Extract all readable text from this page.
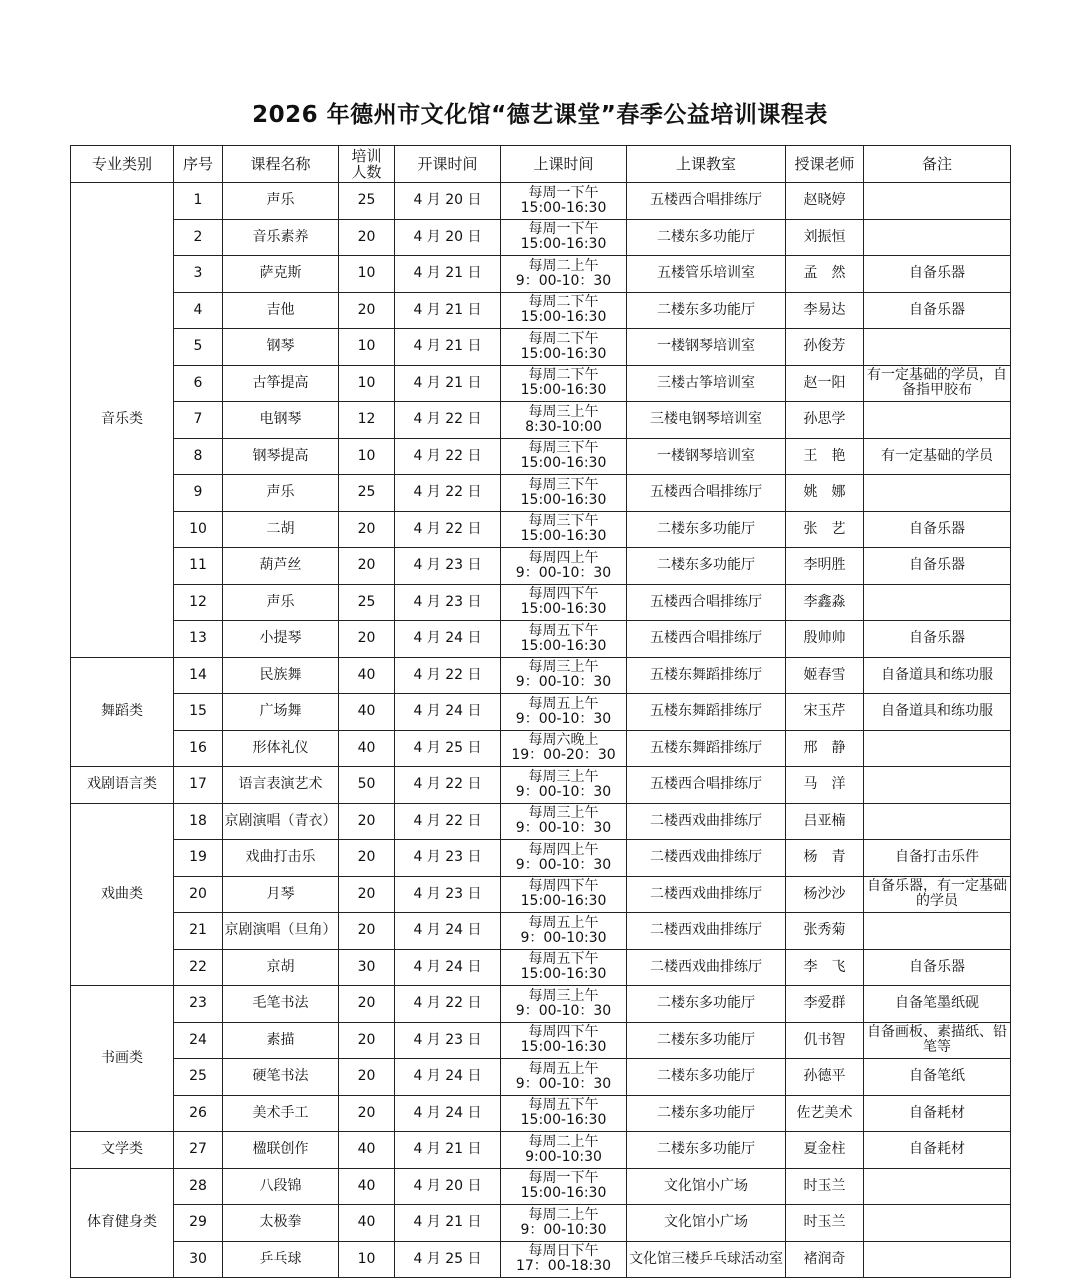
2026 年德州市文化馆“德艺课堂”春季公益培训课程表
专业类别	序号	课程名称	培训
人数	开课时间	上课时间	上课教室	授课老师	备注
音乐类	1	声乐	25	4 月 20 日	每周一下午
15:00-16:30	五楼西合唱排练厅	赵晓婷	
	2	音乐素养	20	4 月 20 日	每周一下午
15:00-16:30	二楼东多功能厅	刘振恒	
	3	萨克斯	10	4 月 21 日	每周二上午
9：00-10：30	五楼管乐培训室	孟　然	自备乐器
	4	吉他	20	4 月 21 日	每周二下午
15:00-16:30	二楼东多功能厅	李易达	自备乐器
	5	钢琴	10	4 月 21 日	每周二下午
15:00-16:30	一楼钢琴培训室	孙俊芳	
	6	古筝提高	10	4 月 21 日	每周二下午
15:00-16:30	三楼古筝培训室	赵一阳	有一定基础的学员，自备指甲胶布
	7	电钢琴	12	4 月 22 日	每周三上午
8:30-10:00	三楼电钢琴培训室	孙思学	
	8	钢琴提高	10	4 月 22 日	每周三下午
15:00-16:30	一楼钢琴培训室	王　艳	有一定基础的学员
	9	声乐	25	4 月 22 日	每周三下午
15:00-16:30	五楼西合唱排练厅	姚　娜	
	10	二胡	20	4 月 22 日	每周三下午
15:00-16:30	二楼东多功能厅	张　艺	自备乐器
	11	葫芦丝	20	4 月 23 日	每周四上午
9：00-10：30	二楼东多功能厅	李明胜	自备乐器
	12	声乐	25	4 月 23 日	每周四下午
15:00-16:30	五楼西合唱排练厅	李鑫淼	
	13	小提琴	20	4 月 24 日	每周五下午
15:00-16:30	五楼西合唱排练厅	殷帅帅	自备乐器
舞蹈类	14	民族舞	40	4 月 22 日	每周三上午
9：00-10：30	五楼东舞蹈排练厅	姬春雪	自备道具和练功服
	15	广场舞	40	4 月 24 日	每周五上午
9：00-10：30	五楼东舞蹈排练厅	宋玉芹	自备道具和练功服
	16	形体礼仪	40	4 月 25 日	每周六晚上
19：00-20：30	五楼东舞蹈排练厅	邢　静	
戏剧语言类	17	语言表演艺术	50	4 月 22 日	每周三上午
9：00-10：30	五楼西合唱排练厅	马　洋	
戏曲类	18	京剧演唱（青衣）	20	4 月 22 日	每周三上午
9：00-10：30	二楼西戏曲排练厅	吕亚楠	
	19	戏曲打击乐	20	4 月 23 日	每周四上午
9：00-10：30	二楼西戏曲排练厅	杨　青	自备打击乐件
	20	月琴	20	4 月 23 日	每周四下午
15:00-16:30	二楼西戏曲排练厅	杨沙沙	自备乐器，有一定基础的学员
	21	京剧演唱（旦角）	20	4 月 24 日	每周五上午
9：00-10:30	二楼西戏曲排练厅	张秀菊	
	22	京胡	30	4 月 24 日	每周五下午
15:00-16:30	二楼西戏曲排练厅	李　飞	自备乐器
书画类	23	毛笔书法	20	4 月 22 日	每周三上午
9：00-10：30	二楼东多功能厅	李爱群	自备笔墨纸砚
	24	素描	20	4 月 23 日	每周四下午
15:00-16:30	二楼东多功能厅	仉书智	自备画板、素描纸、铅笔等
	25	硬笔书法	20	4 月 24 日	每周五上午
9：00-10：30	二楼东多功能厅	孙德平	自备笔纸
	26	美术手工	20	4 月 24 日	每周五下午
15:00-16:30	二楼东多功能厅	佐艺美术	自备耗材
文学类	27	楹联创作	40	4 月 21 日	每周二上午
9:00-10:30	二楼东多功能厅	夏金柱	自备耗材
体育健身类	28	八段锦	40	4 月 20 日	每周一下午
15:00-16:30	文化馆小广场	时玉兰	
	29	太极拳	40	4 月 21 日	每周二上午
9：00-10:30	文化馆小广场	时玉兰	
	30	乒乓球	10	4 月 25 日	每周日下午
17：00-18:30	文化馆三楼乒乓球活动室	褚润奇	
